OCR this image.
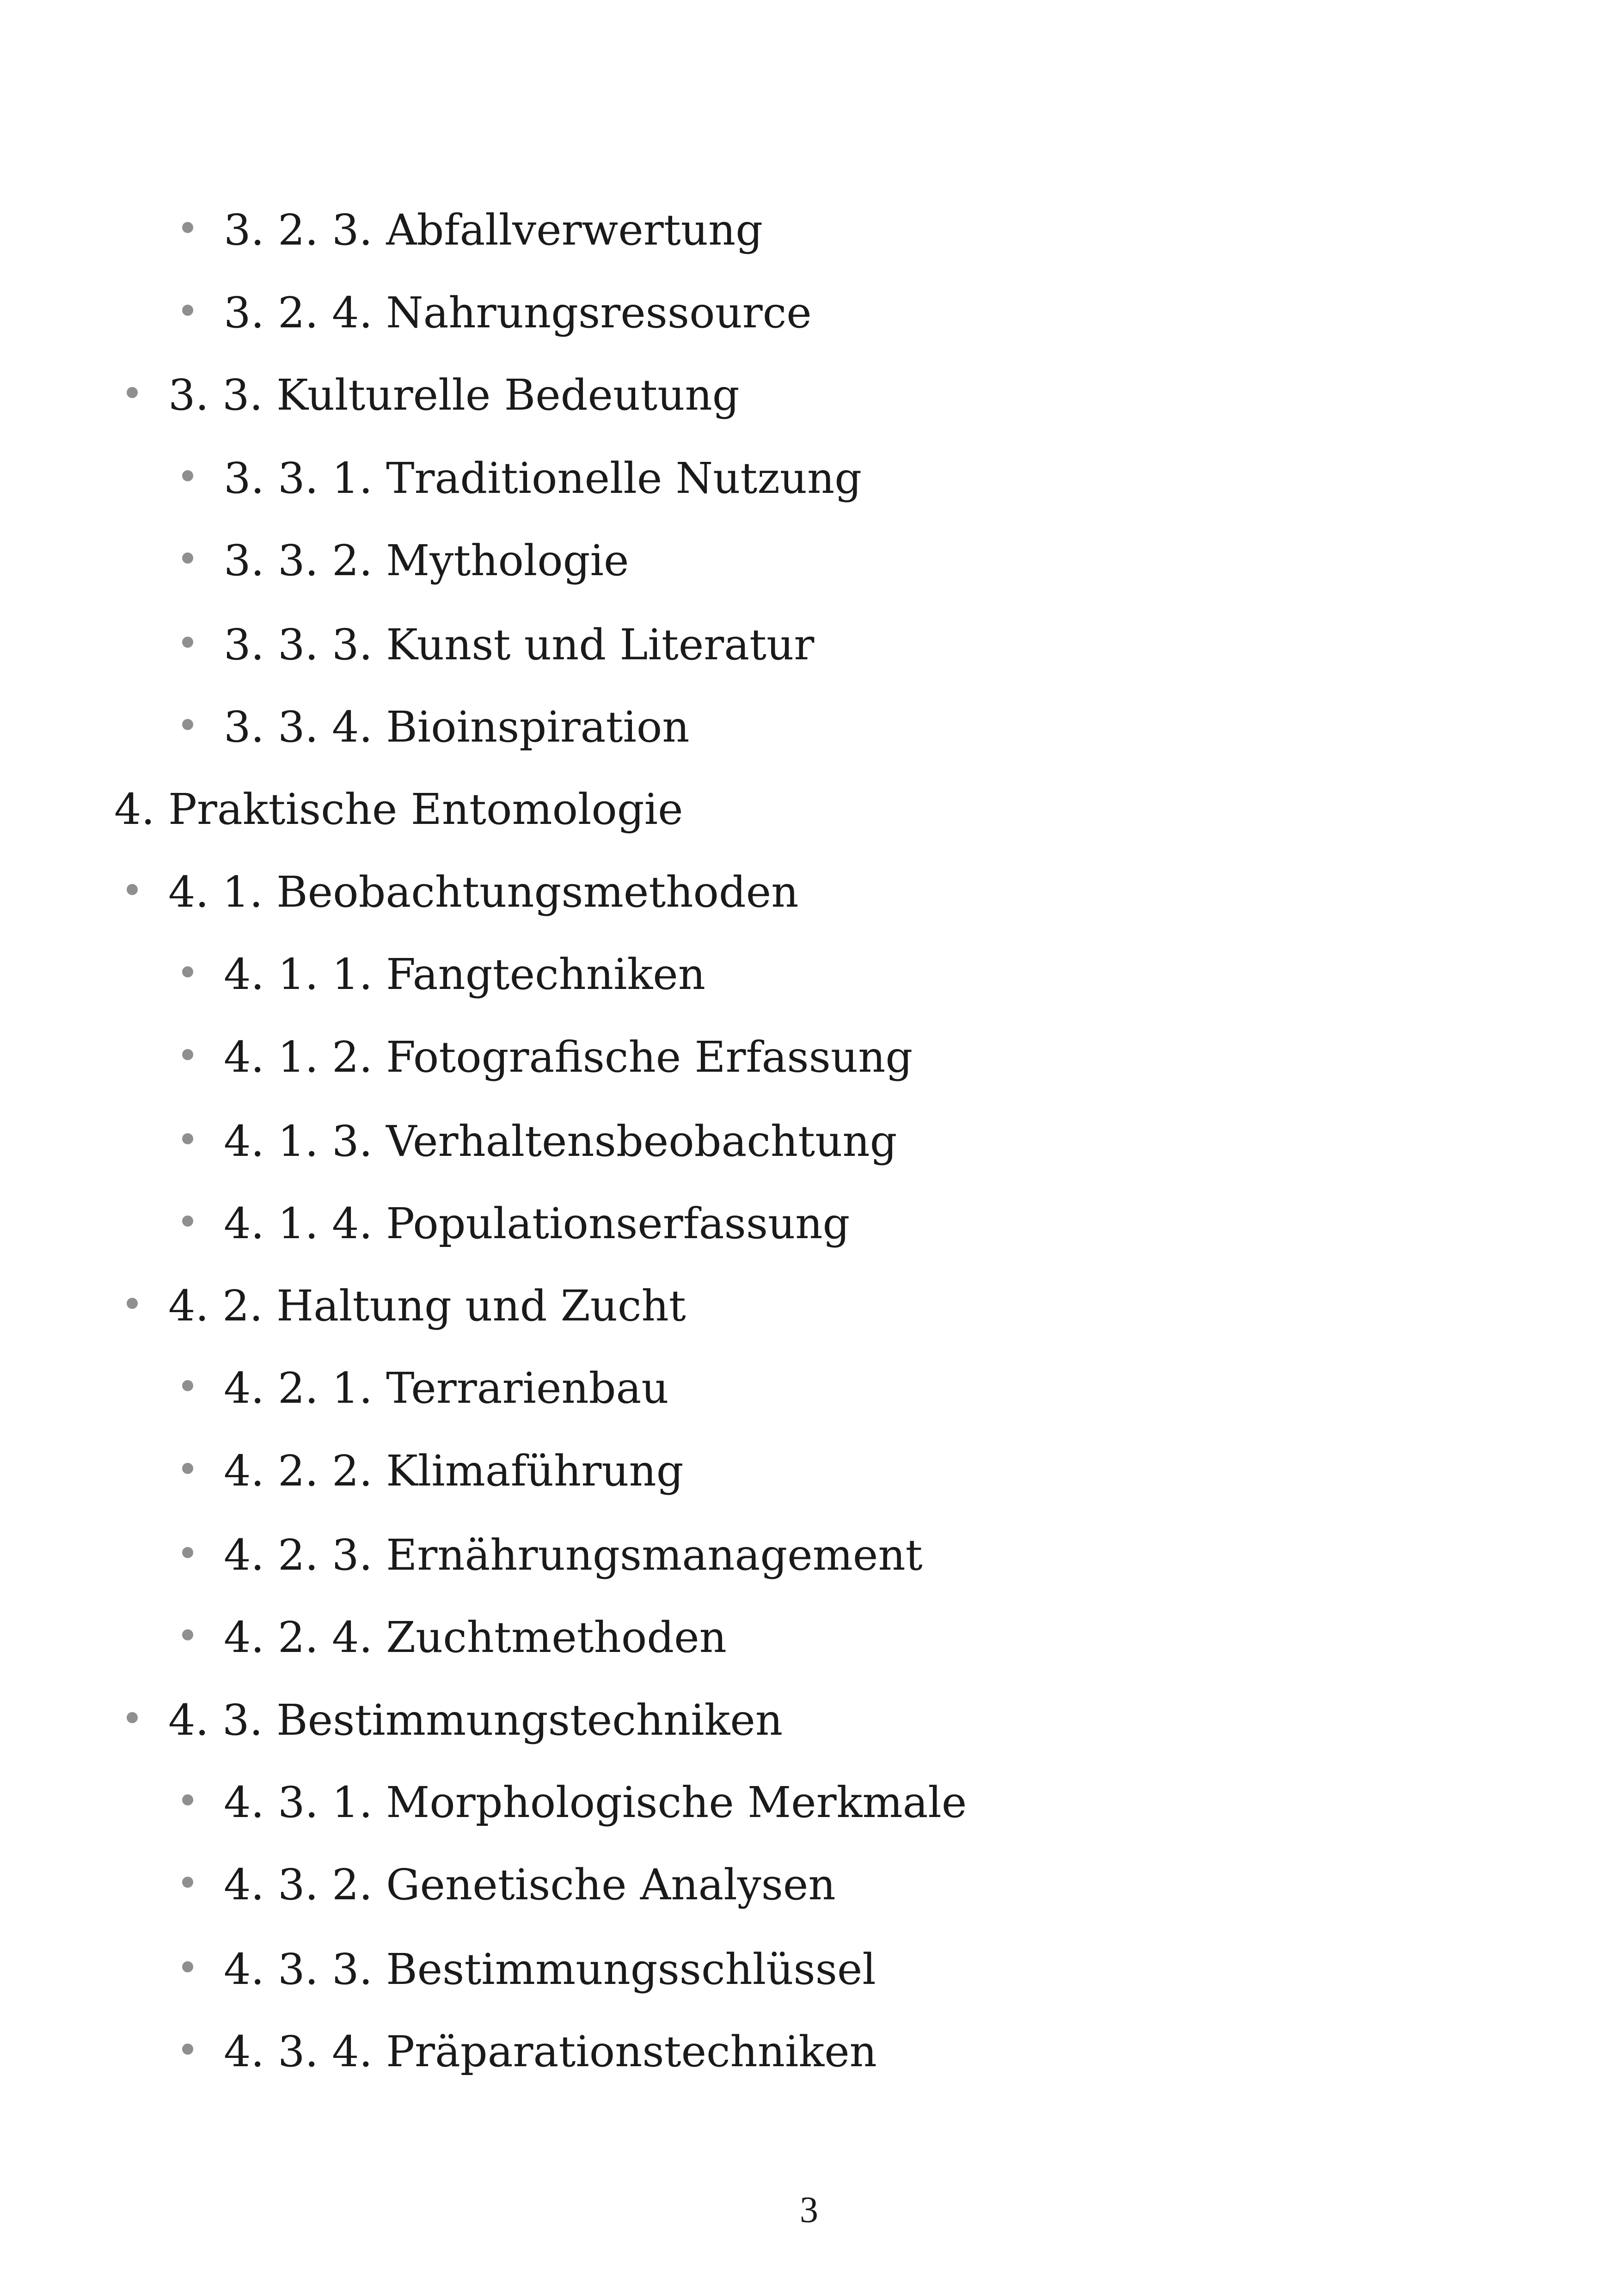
3. 2. 3. Abfallverwertung
3. 2. 4. Nahrungsressource
3. 3. Kulturelle Bedeutung
3. 3. 1. Traditionelle Nutzung
3. 3. 2. Mythologie
3. 3. 3. Kunst und Literatur
3. 3. 4. Bioinspiration
4. Praktische Entomologie
4. 1. Beobachtungsmethoden
4. 1. 1. Fangtechniken
4. 1. 2. Fotografische Erfassung
4. 1. 3. Verhaltensbeobachtung
4. 1. 4. Populationserfassung
4. 2. Haltung und Zucht
4. 2. 1. Terrarienbau
4. 2. 2. Klimaführung
4. 2. 3. Ernährungsmanagement
4. 2. 4. Zuchtmethoden
4. 3. Bestimmungstechniken
4. 3. 1. Morphologische Merkmale
4. 3. 2. Genetische Analysen
4. 3. 3. Bestimmungsschlüssel
4. 3. 4. Präparationstechniken
3
